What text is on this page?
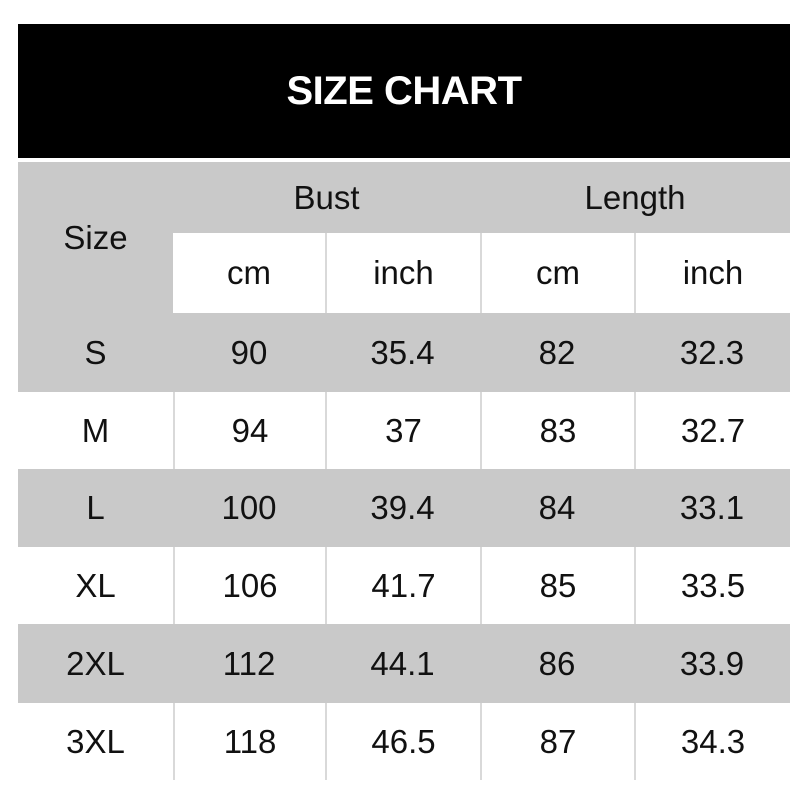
SIZE CHART
Size
Bust	Length
cm	inch	cm	inch
S	90	35.4	82	32.3
M	94	37	83	32.7
L	100	39.4	84	33.1
XL	106	41.7	85	33.5
2XL	112	44.1	86	33.9
3XL	118	46.5	87	34.3
